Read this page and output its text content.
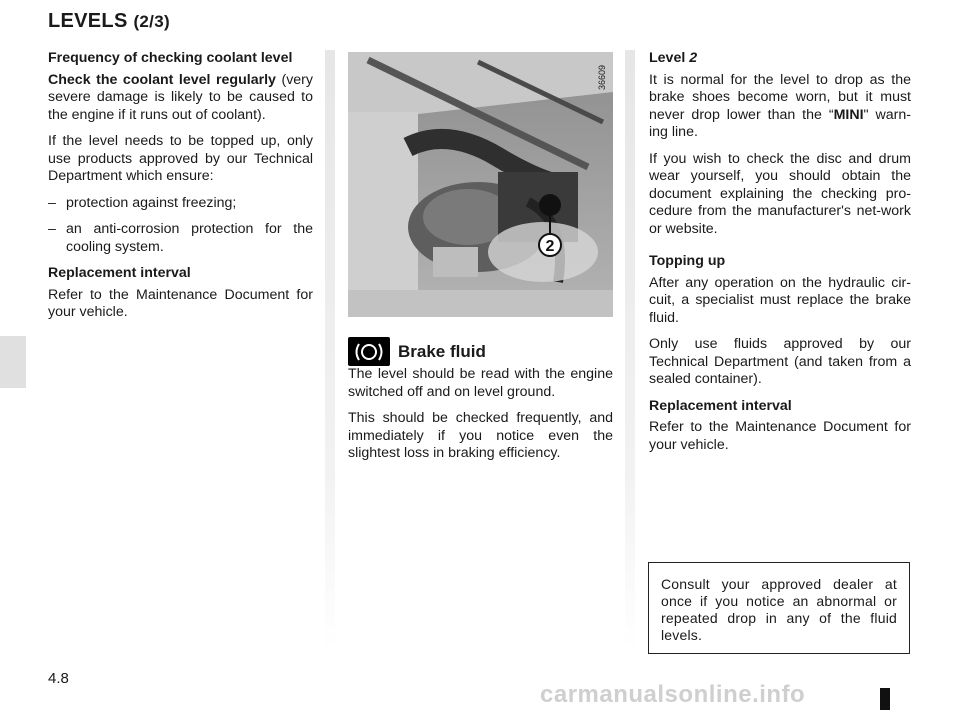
LEVELS (2/3)
Frequency of checking coolant level

Check the coolant level regularly (very severe damage is likely to be caused to the engine if it runs out of coolant).

If the level needs to be topped up, only use products approved by our Technical Department which ensure:

– protection against freezing;
– an anti-corrosion protection for the cooling system.
Replacement interval

Refer to the Maintenance Document for your vehicle.

2
36609
Brake fluid

The level should be read with the engine switched off and on level ground.

This should be checked frequently, and immediately if you notice even the slightest loss in braking efficiency.

Level 2

It is normal for the level to drop as the brake shoes become worn, but it must never drop lower than the “MINI" warn-ing line.

If you wish to check the disc and drum wear yourself, you should obtain the document explaining the checking pro-cedure from the manufacturer's net-work or website.

Topping up

After any operation on the hydraulic cir-cuit, a specialist must replace the brake fluid.

Only use fluids approved by our Technical Department (and taken from a sealed container).

Replacement interval

Refer to the Maintenance Document for your vehicle.

Consult your approved dealer at once if you notice an abnormal or repeated drop in any of the fluid levels.
4.8
carmanualsonline.info
